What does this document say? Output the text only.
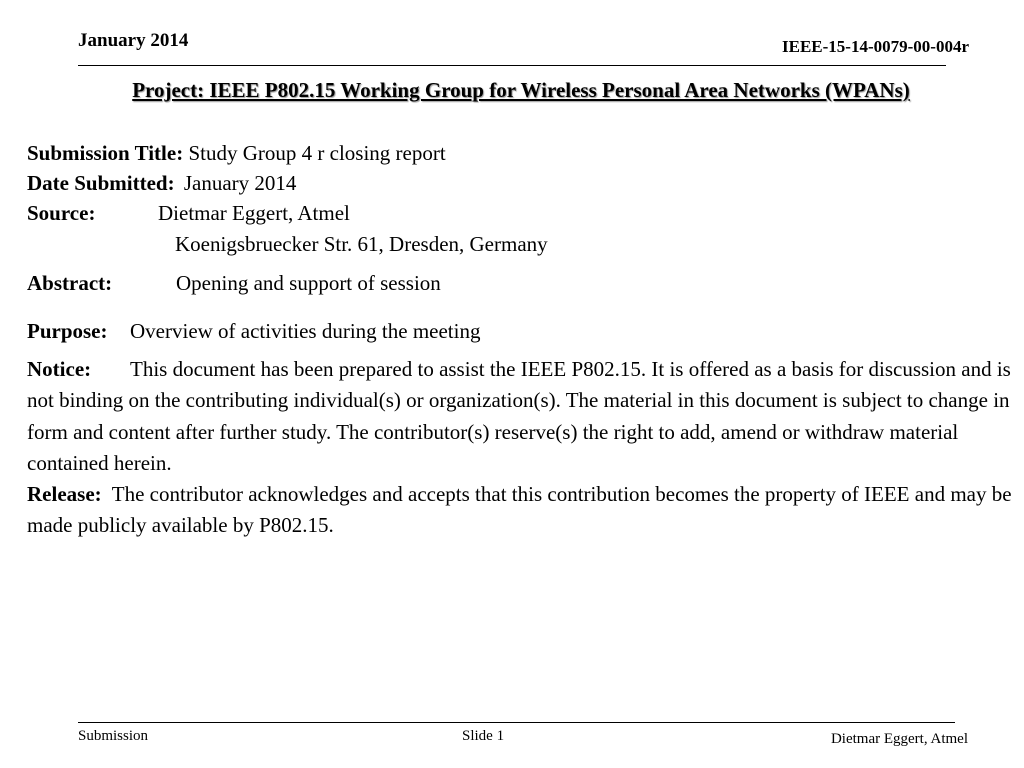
January 2014	IEEE-15-14-0079-00-004r
Project: IEEE P802.15 Working Group for Wireless Personal Area Networks (WPANs)
Submission Title: Study Group 4 r closing report
Date Submitted: January 2014
Source:	Dietmar Eggert, Atmel
Koenigsbruecker Str. 61, Dresden, Germany
Abstract:	Opening and support of session
Purpose: Overview of activities during the meeting
Notice: This document has been prepared to assist the IEEE P802.15. It is offered as a basis for discussion and is not binding on the contributing individual(s) or organization(s). The material in this document is subject to change in form and content after further study. The contributor(s) reserve(s) the right to add, amend or withdraw material contained herein.
Release: The contributor acknowledges and accepts that this contribution becomes the property of IEEE and may be made publicly available by P802.15.
Submission	Slide 1	Dietmar Eggert, Atmel
